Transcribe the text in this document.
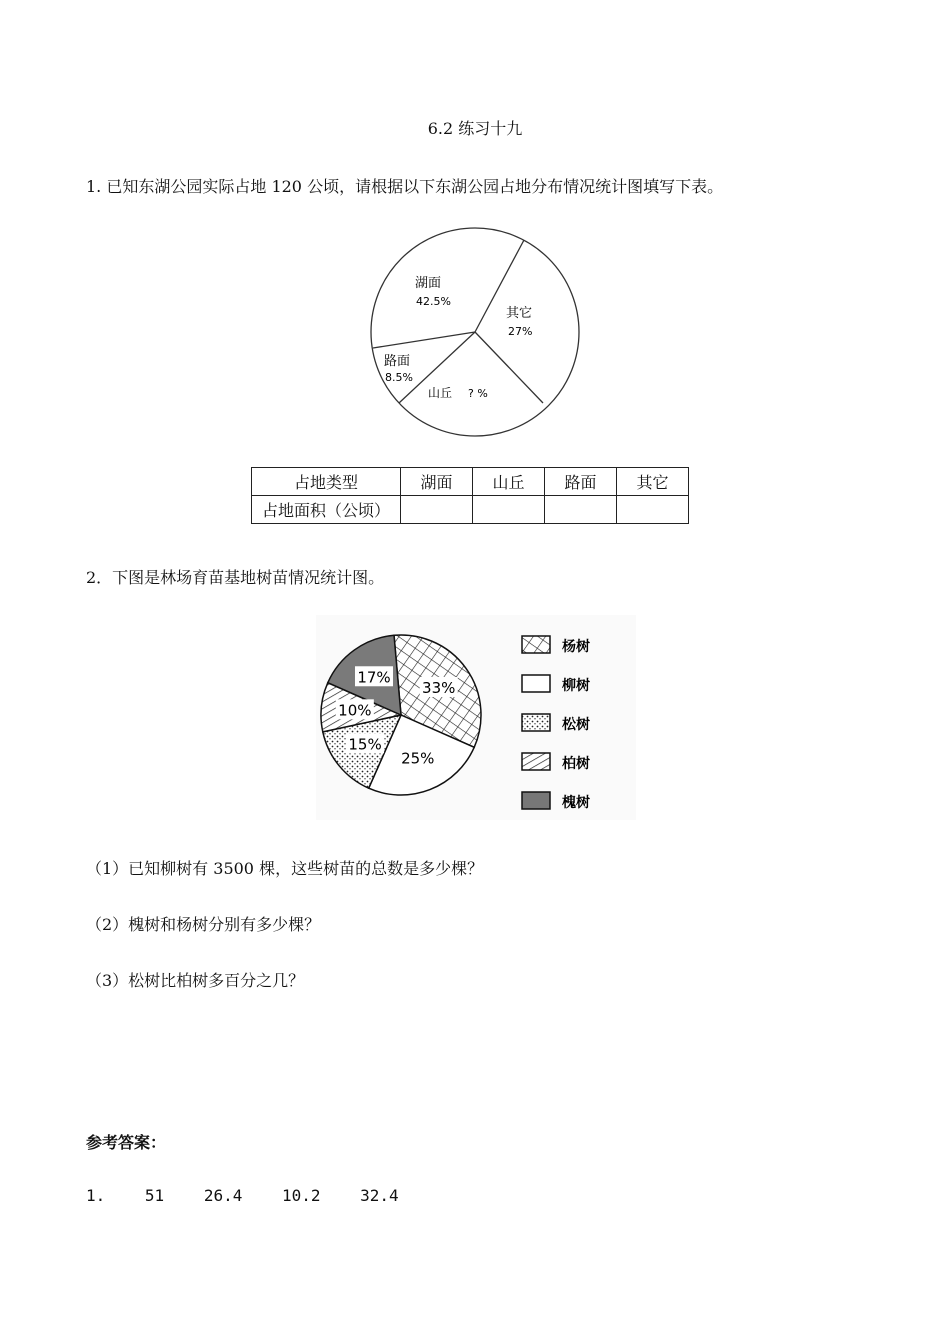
6.2 练习十九
1. 已知东湖公园实际占地 120 公顷，请根据以下东湖公园占地分布情况统计图填写下表。
湖面
42.5%
其它
27%
山丘 ? %
路面
8.5%
占地类型	湖面	山丘	路面	其它
占地面积（公顷）				
2．下图是林场育苗基地树苗情况统计图。
33%
25%
15%
10%
17%
杨树
柳树
松树
柏树
槐树
（1）已知柳树有 3500 棵，这些树苗的总数是多少棵？
（2）槐树和杨树分别有多少棵？
（3）松树比柏树多百分之几？
参考答案：
1. 51 26.4 10.2 32.4
